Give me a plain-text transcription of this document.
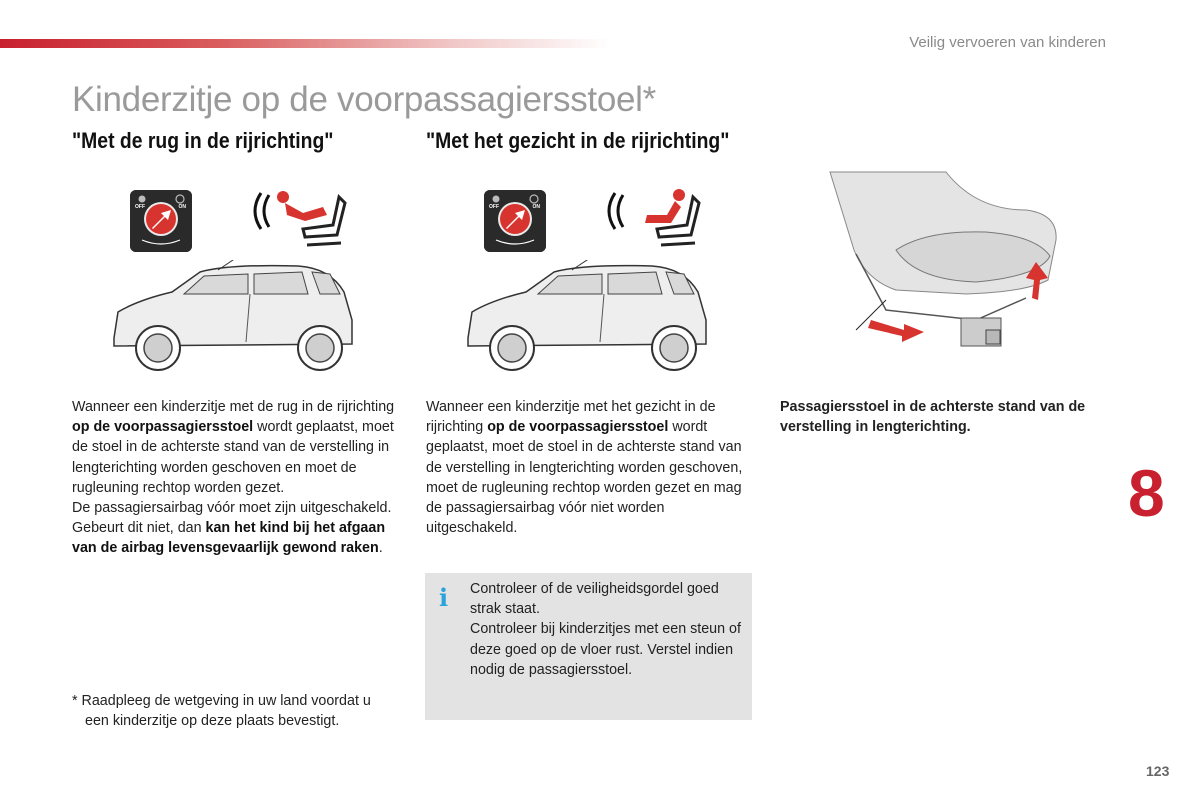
Veilig vervoeren van kinderen
Kinderzitje op de voorpassagiersstoel*
"Met de rug in de rijrichting"	"Met het gezicht in de rijrichting"
OFF	ON	OFF	ON
Wanneer een kinderzitje met de rug in de rijrichting op de voorpassagiersstoel wordt geplaatst, moet de stoel in de achterste stand van de verstelling in lengterichting worden geschoven en moet de rugleuning rechtop worden gezet.
De passagiersairbag vóór moet zijn uitgeschakeld. Gebeurt dit niet, dan kan het kind bij het afgaan van de airbag levensgevaarlijk gewond raken.
Wanneer een kinderzitje met het gezicht in de rijrichting op de voorpassagiersstoel wordt geplaatst, moet de stoel in de achterste stand van de verstelling in lengterichting worden geschoven, moet de rugleuning rechtop worden gezet en mag de passagiersairbag vóór niet worden uitgeschakeld.
Passagiersstoel in de achterste stand van de verstelling in lengterichting.
* Raadpleeg de wetgeving in uw land voordat u
een kinderzitje op deze plaats bevestigt.
i Controleer of de veiligheidsgordel goed strak staat.
Controleer bij kinderzitjes met een steun of deze goed op de vloer rust. Verstel indien nodig de passagiersstoel.
8
123
